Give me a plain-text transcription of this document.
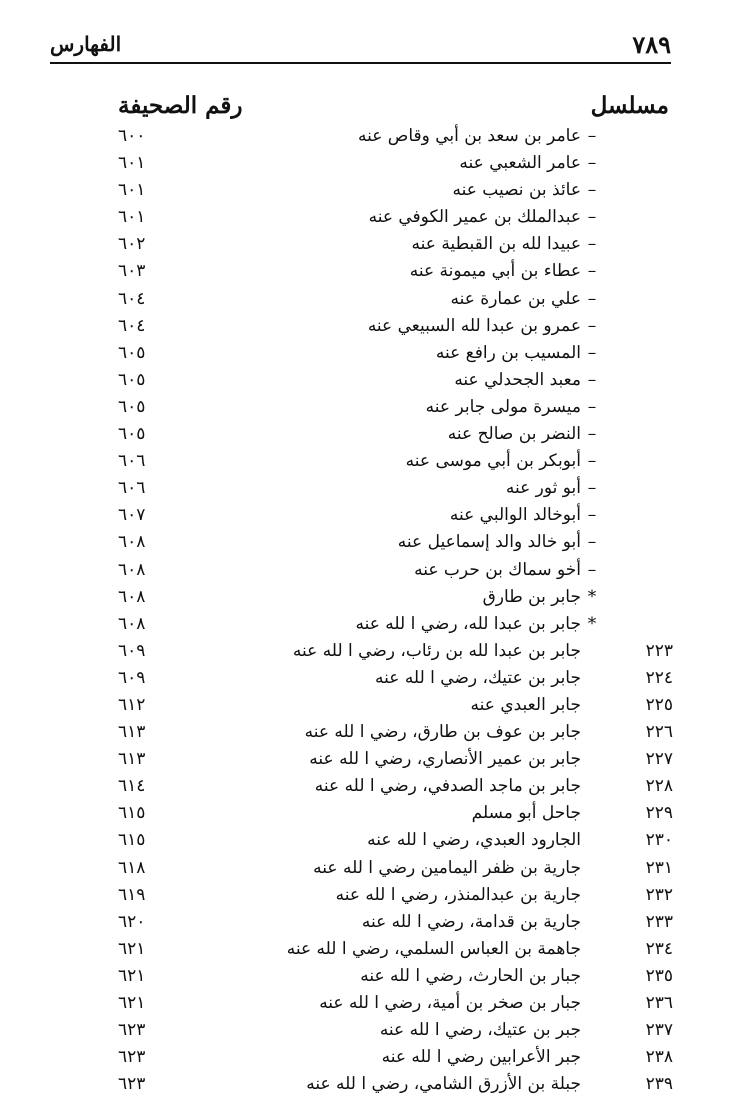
٧٨٩
الفهارس
مسلسل
رقم الصحيفة
–
عامر بن سعد بن أبي وقاص عنه
٦٠٠
–
عامر الشعبي عنه
٦٠١
–
عائذ بن نصيب عنه
٦٠١
–
عبدالملك بن عمير الكوفي عنه
٦٠١
–
عبيدا لله بن القبطية عنه
٦٠٢
–
عطاء بن أبي ميمونة عنه
٦٠٣
–
علي بن عمارة عنه
٦٠٤
–
عمرو بن عبدا لله السبيعي عنه
٦٠٤
–
المسيب بن رافع عنه
٦٠٥
–
معبد الجحدلي عنه
٦٠٥
–
ميسرة مولى جابر عنه
٦٠٥
–
النضر بن صالح عنه
٦٠٥
–
أبوبكر بن أبي موسى عنه
٦٠٦
–
أبو ثور عنه
٦٠٦
–
أبوخالد الوالبي عنه
٦٠٧
–
أبو خالد والد إسماعيل عنه
٦٠٨
–
أخو سماك بن حرب عنه
٦٠٨
*
جابر بن طارق
٦٠٨
*
جابر بن عبدا لله، رضي ا لله عنه
٦٠٨
٢٢٣
جابر بن عبدا لله بن رئاب، رضي ا لله عنه
٦٠٩
٢٢٤
جابر بن عتيك، رضي ا لله عنه
٦٠٩
٢٢٥
جابر العبدي عنه
٦١٢
٢٢٦
جابر بن عوف بن طارق، رضي ا لله عنه
٦١٣
٢٢٧
جابر بن عمير الأنصاري، رضي ا لله عنه
٦١٣
٢٢٨
جابر بن ماجد الصدفي، رضي ا لله عنه
٦١٤
٢٢٩
جاحل أبو مسلم
٦١٥
٢٣٠
الجارود العبدي، رضي ا لله عنه
٦١٥
٢٣١
جارية بن ظفر اليمامين رضي ا لله عنه
٦١٨
٢٣٢
جارية بن عبدالمنذر، رضي ا لله عنه
٦١٩
٢٣٣
جارية بن قدامة، رضي ا لله عنه
٦٢٠
٢٣٤
جاهمة بن العباس السلمي، رضي ا لله عنه
٦٢١
٢٣٥
جبار بن الحارث، رضي ا لله عنه
٦٢١
٢٣٦
جبار بن صخر بن أمية، رضي ا لله عنه
٦٢١
٢٣٧
جبر بن عتيك، رضي ا لله عنه
٦٢٣
٢٣٨
جبر الأعرابين رضي ا لله عنه
٦٢٣
٢٣٩
جبلة بن الأزرق الشامي، رضي ا لله عنه
٦٢٣
